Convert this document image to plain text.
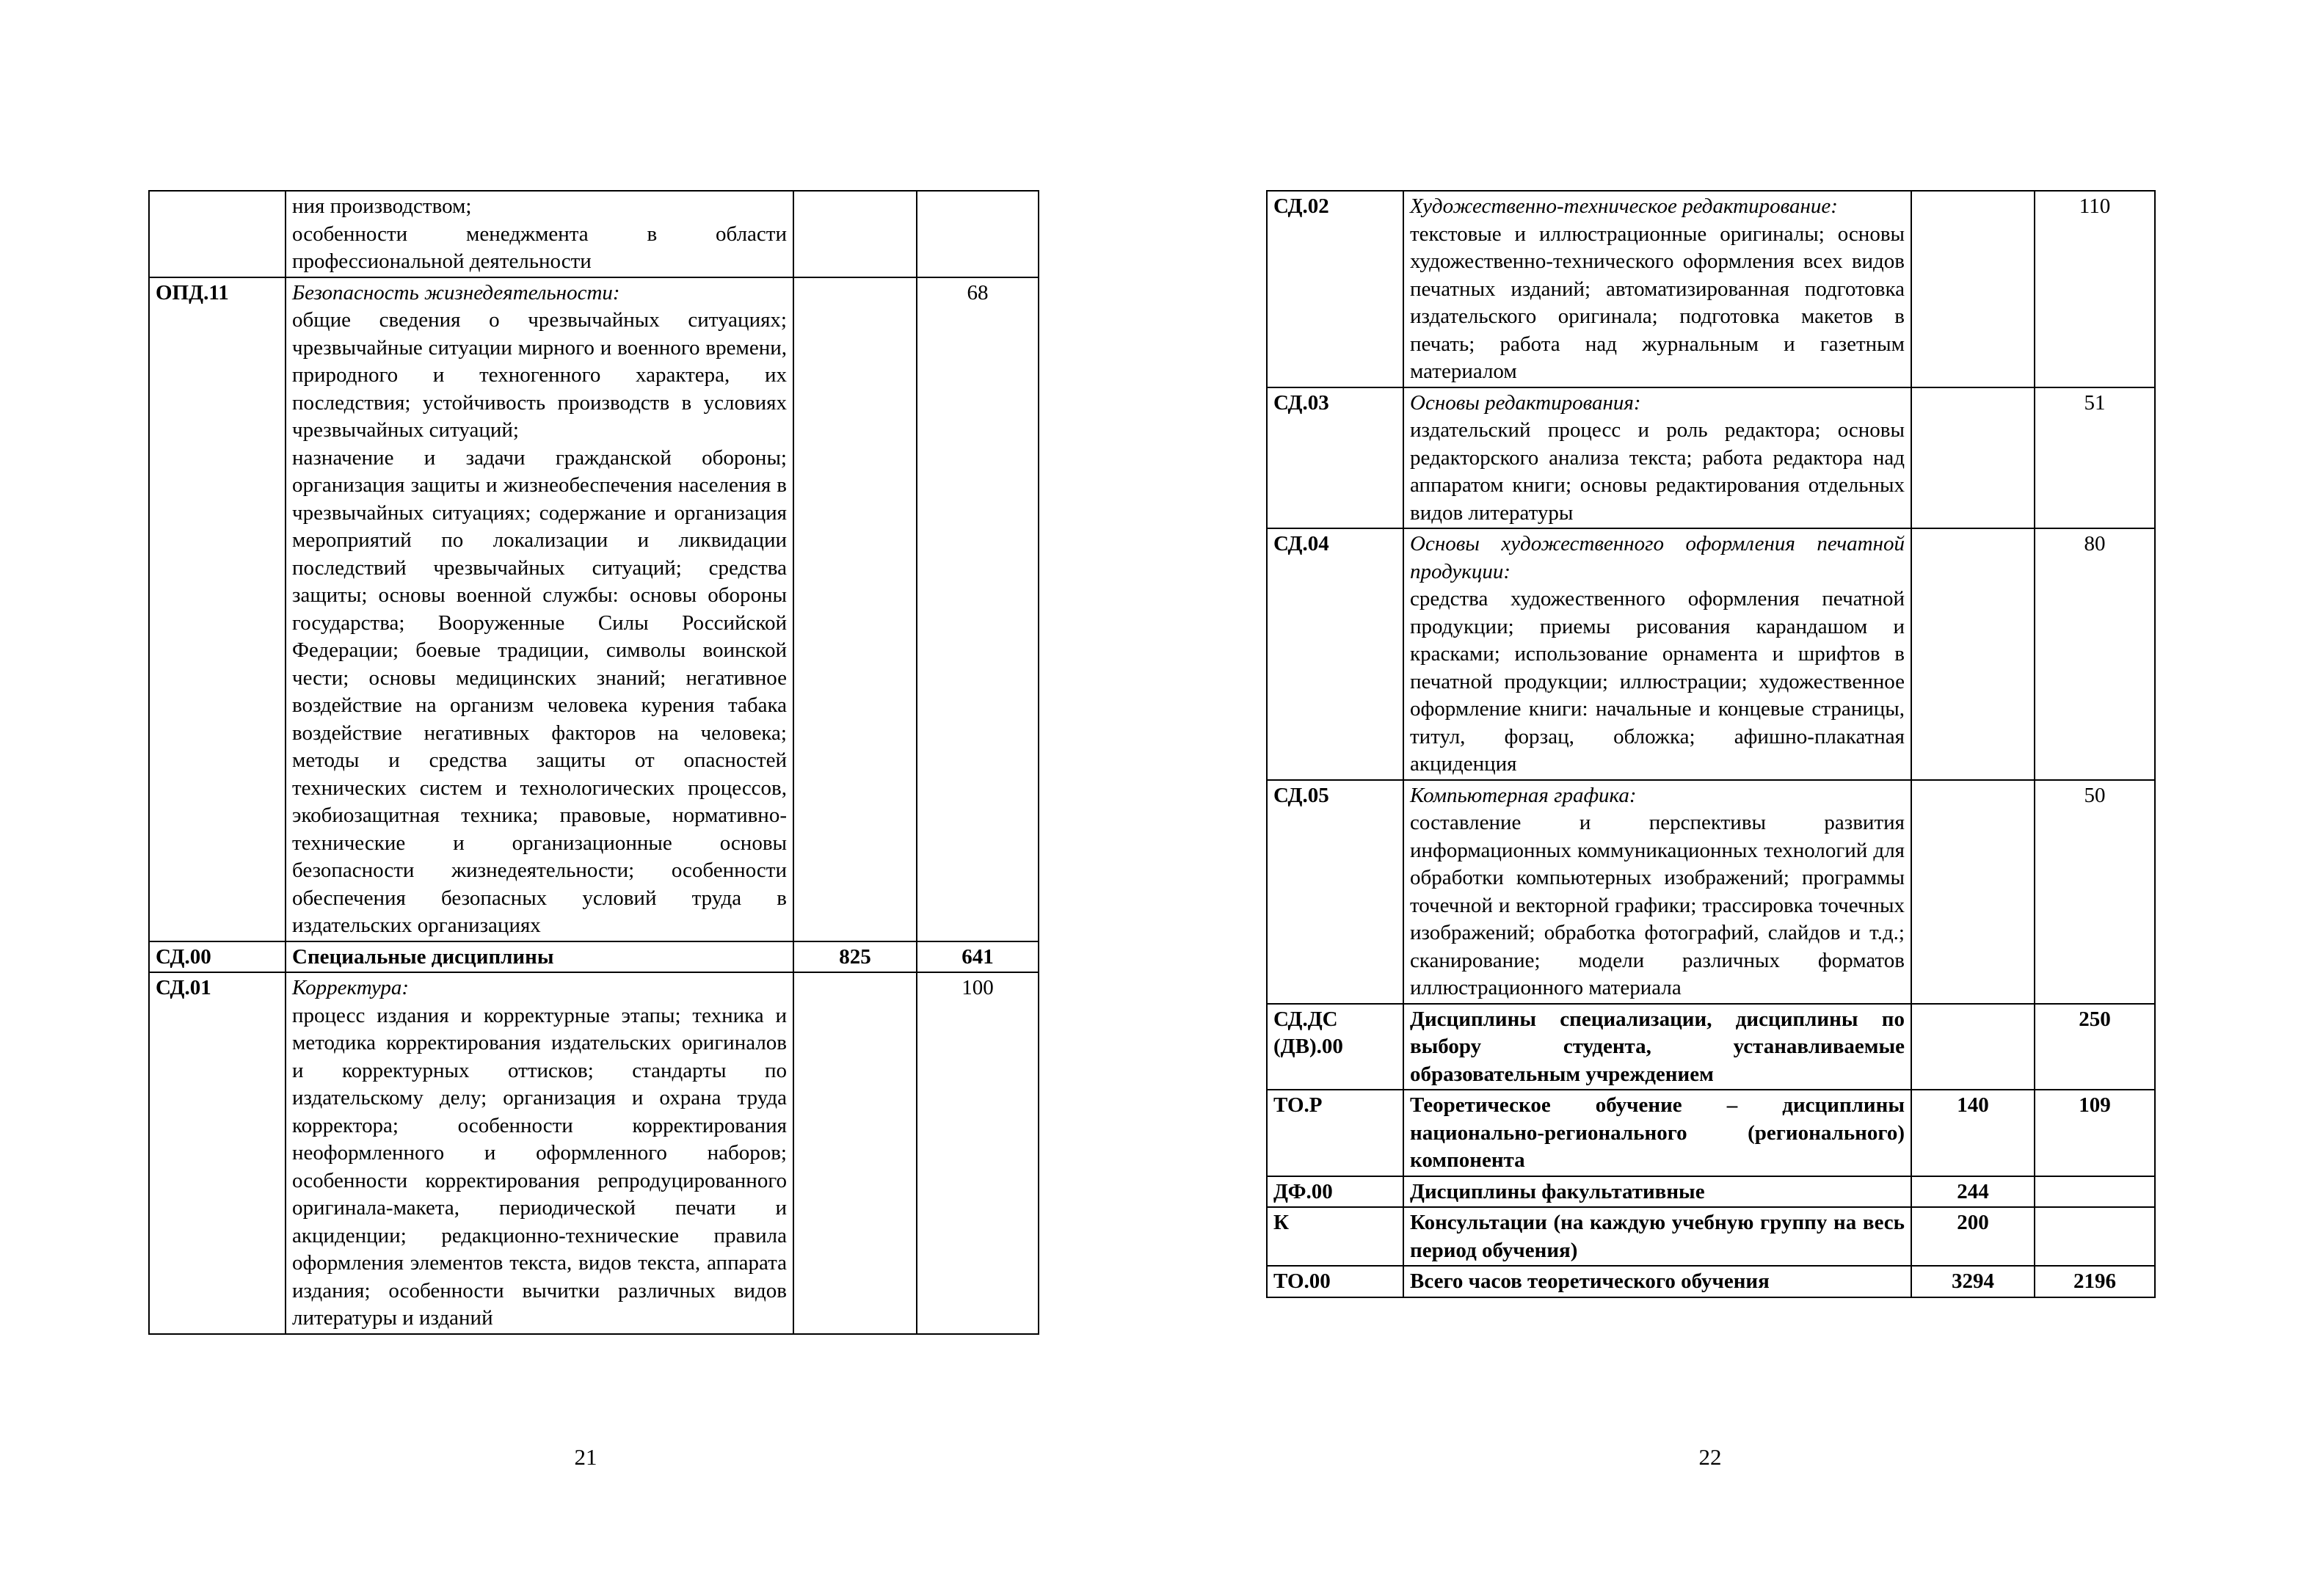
	ния производством;
особенности менеджмента в области профессиональной деятельности		

ОПД.11	Безопасность жизнедеятельности:
общие сведения о чрезвычайных ситуациях; чрезвычайные ситуации мирного и военного времени, природного и техногенного характера, их последствия; устойчивость производств в условиях чрезвычайных ситуаций;
назначение и задачи гражданской обороны; организация защиты и жизнеобеспечения населения в чрезвычайных ситуациях; содержание и организация мероприятий по локализации и ликвидации последствий чрезвычайных ситуаций; средства защиты; основы военной службы: основы обороны государства; Вооруженные Силы Российской Федерации; боевые традиции, символы воинской чести; основы медицинских знаний; негативное воздействие на организм человека курения табака воздействие негативных факторов на человека; методы и средства защиты от опасностей технических систем и технологических процессов, экобиозащитная техника; правовые, нормативно-технические и организационные основы безопасности жизнедеятельности; особенности обеспечения безопасных условий труда в издательских организациях		68
СД.00	Специальные дисциплины	825	641
СД.01	Корректура:
процесс издания и корректурные этапы; техника и методика корректирования издательских оригиналов и корректурных оттисков; стандарты по издательскому делу; организация и охрана труда корректора; особенности корректирования неоформленного и оформленного наборов; особенности корректирования репродуцированного оригинала-макета, периодической печати и акциденции; редакционно-технические правила оформления элементов текста, видов текста, аппарата издания; особенности вычитки различных видов литературы и изданий		100
21
СД.02	Художественно-техническое редактирование:
текстовые и иллюстрационные оригиналы; основы художественно-технического оформления всех видов печатных изданий; автоматизированная подготовка издательского оригинала; подготовка макетов в печать; работа над журнальным и газетным материалом		110
СД.03	Основы редактирования:
издательский процесс и роль редактора; основы редакторского анализа текста; работа редактора над аппаратом книги; основы редактирования отдельных видов литературы		51
СД.04	Основы художественного оформления печатной продукции:
средства художественного оформления печатной продукции; приемы рисования карандашом и красками; использование орнамента и шрифтов в печатной продукции; иллюстрации; художественное оформление книги: начальные и концевые страницы, титул, форзац, обложка; афишно-плакатная акциденция		80
СД.05	Компьютерная графика:
составление и перспективы развития информационных коммуникационных технологий для обработки компьютерных изображений; программы точечной и векторной графики; трассировка точечных изображений; обработка фотографий, слайдов и т.д.; сканирование; модели различных форматов иллюстрационного материала		50
СД.ДС (ДВ).00	Дисциплины специализации, дисциплины по выбору студента, устанавливаемые образовательным учреждением		250
ТО.Р	Теоретическое обучение – дисциплины национально-регионального (регионального) компонента	140	109
ДФ.00	Дисциплины факультативные	244	
К	Консультации (на каждую учебную группу на весь период обучения)	200	
ТО.00	Всего часов теоретического обучения	3294	2196
22
